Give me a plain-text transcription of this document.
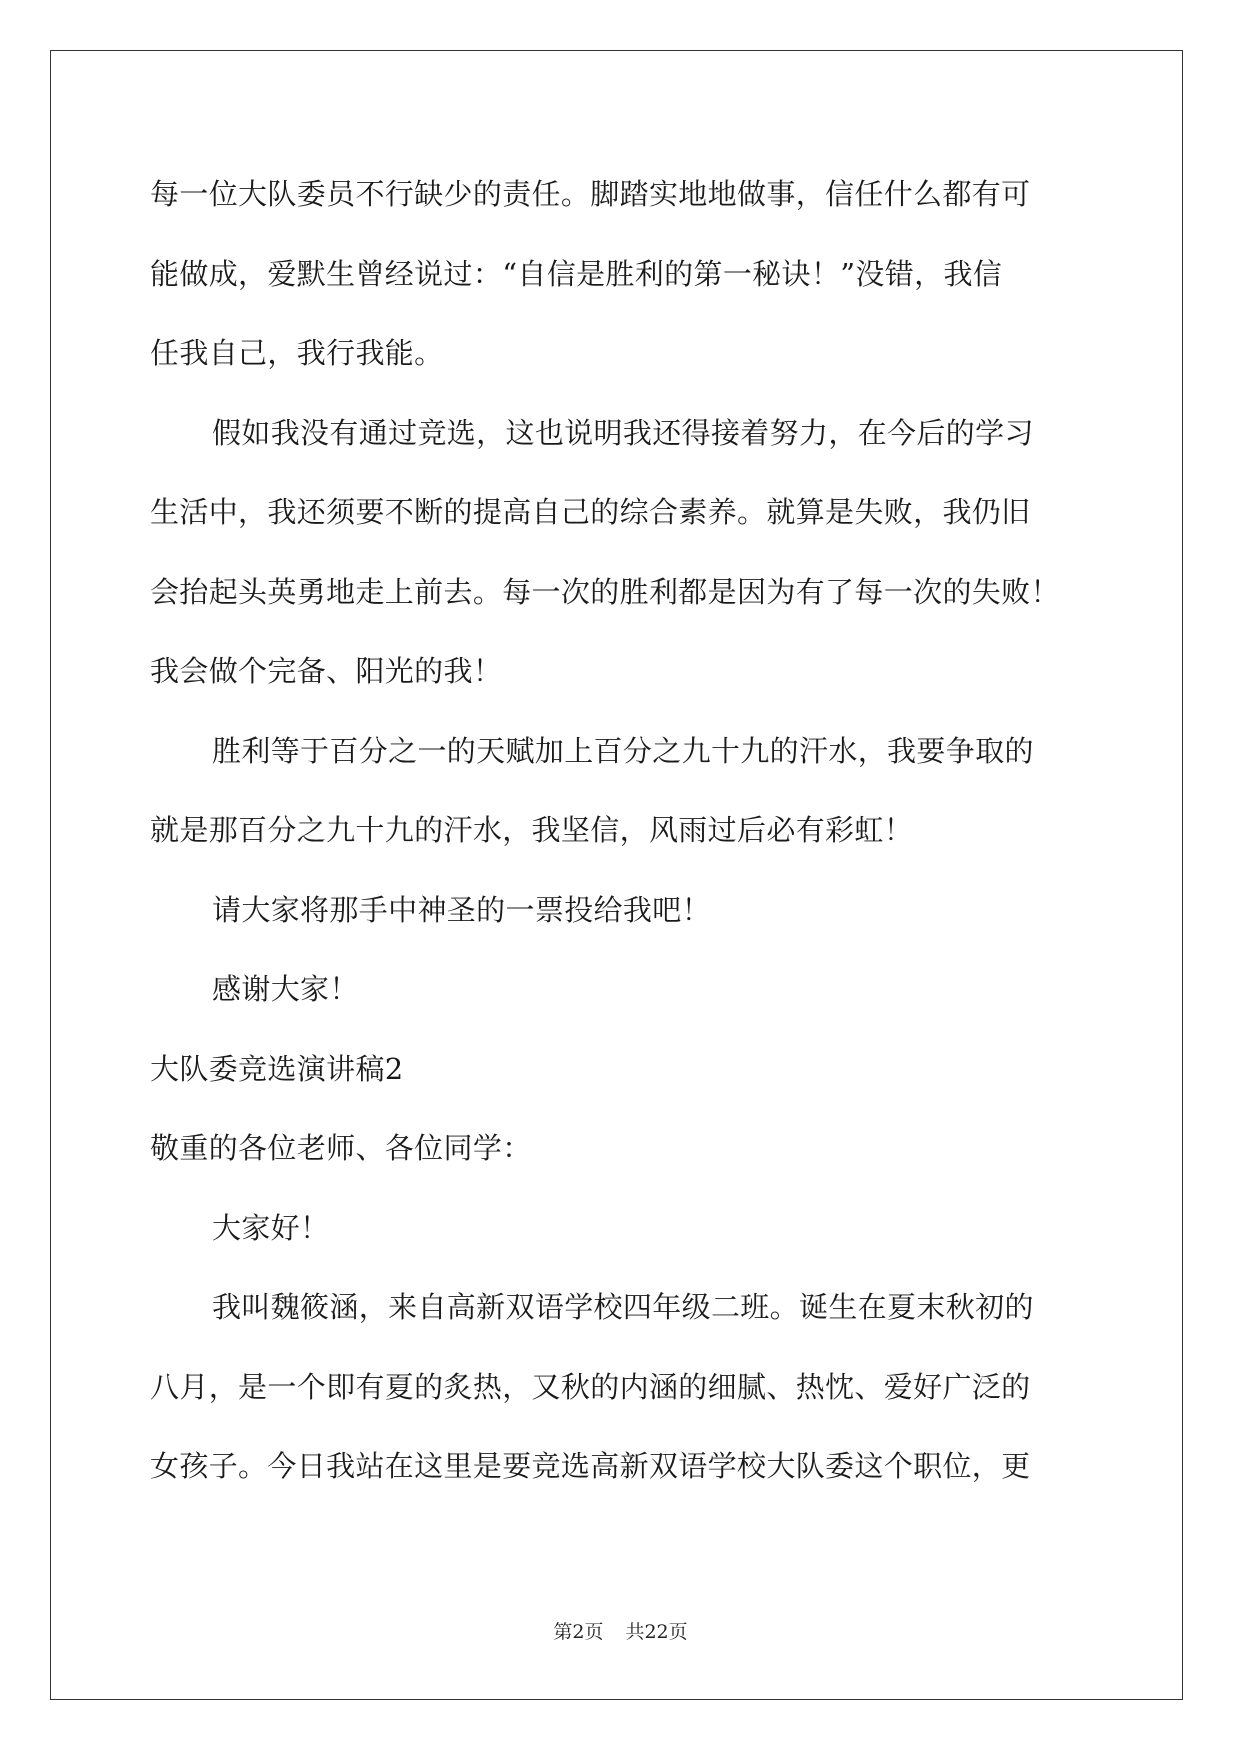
每一位大队委员不行缺少的责任。脚踏实地地做事，信任什么都有可
能做成，爱默生曾经说过：“自信是胜利的第一秘诀！”没错，我信
任我自己，我行我能。
假如我没有通过竞选，这也说明我还得接着努力，在今后的学习
生活中，我还须要不断的提高自己的综合素养。就算是失败，我仍旧
会抬起头英勇地走上前去。每一次的胜利都是因为有了每一次的失败！
我会做个完备、阳光的我！
胜利等于百分之一的天赋加上百分之九十九的汗水，我要争取的
就是那百分之九十九的汗水，我坚信，风雨过后必有彩虹！
请大家将那手中神圣的一票投给我吧！
感谢大家！
大队委竞选演讲稿2
敬重的各位老师、各位同学：
大家好！
我叫魏筱涵，来自高新双语学校四年级二班。诞生在夏末秋初的
八月，是一个即有夏的炙热，又秋的内涵的细腻、热忱、爱好广泛的
女孩子。今日我站在这里是要竞选高新双语学校大队委这个职位，更
第2页 共22页
